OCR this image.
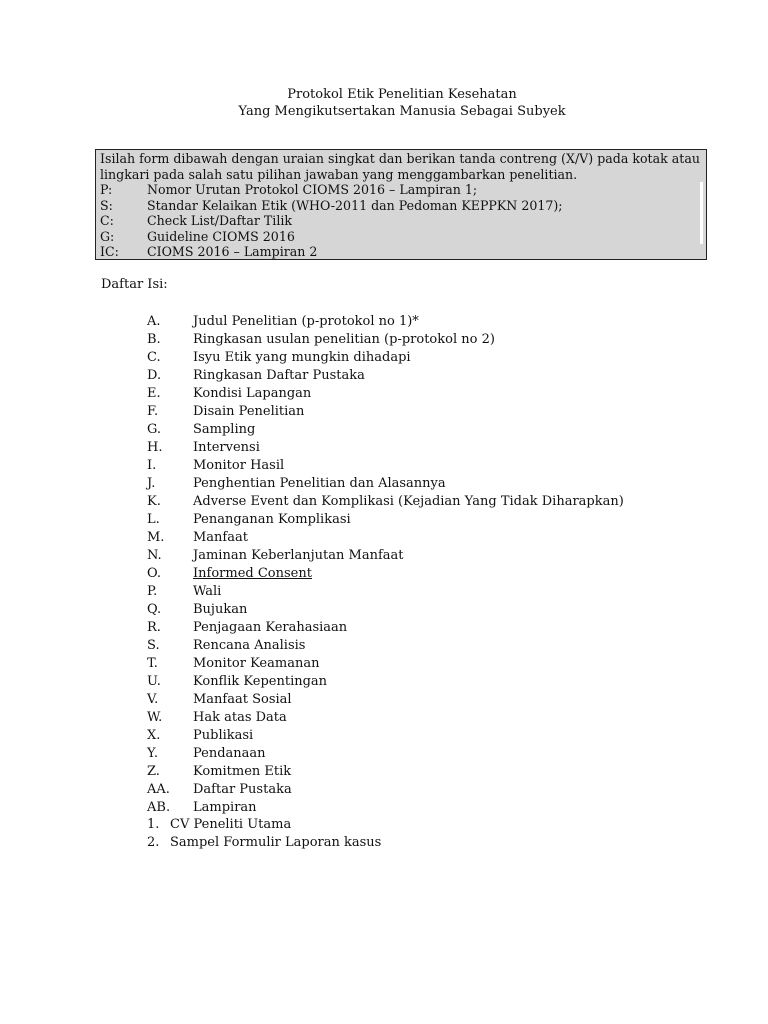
Protokol Etik Penelitian Kesehatan
Yang Mengikutsertakan Manusia Sebagai Subyek

Isilah form dibawah dengan uraian singkat dan berikan tanda contreng (X/V) pada kotak atau lingkari pada salah satu pilihan jawaban yang menggambarkan penelitian.

P:	Nomor Urutan Protokol CIOMS 2016 – Lampiran 1;
S:	Standar Kelaikan Etik (WHO-2011 dan Pedoman KEPPKN 2017);
C:	Check List/Daftar Tilik
G:	Guideline CIOMS 2016
IC:	CIOMS 2016 – Lampiran 2
Daftar Isi:
A.	Judul Penelitian (p-protokol no 1)*
B.	Ringkasan usulan penelitian (p-protokol no 2)
C.	Isyu Etik yang mungkin dihadapi
D.	Ringkasan Daftar Pustaka
E.	Kondisi Lapangan
F.	Disain Penelitian
G.	Sampling
H.	Intervensi
I.	Monitor Hasil
J.	Penghentian Penelitian dan Alasannya
K.	Adverse Event dan Komplikasi (Kejadian Yang Tidak Diharapkan)
L.	Penanganan Komplikasi
M.	Manfaat
N.	Jaminan Keberlanjutan Manfaat
O.	Informed Consent
P.	Wali
Q.	Bujukan
R.	Penjagaan Kerahasiaan
S.	Rencana Analisis
T.	Monitor Keamanan
U.	Konflik Kepentingan
V.	Manfaat Sosial
W.	Hak atas Data
X.	Publikasi
Y.	Pendanaan
Z.	Komitmen Etik
AA.	Daftar Pustaka
AB.	Lampiran
1. CV Peneliti Utama
2. Sampel Formulir Laporan kasus
